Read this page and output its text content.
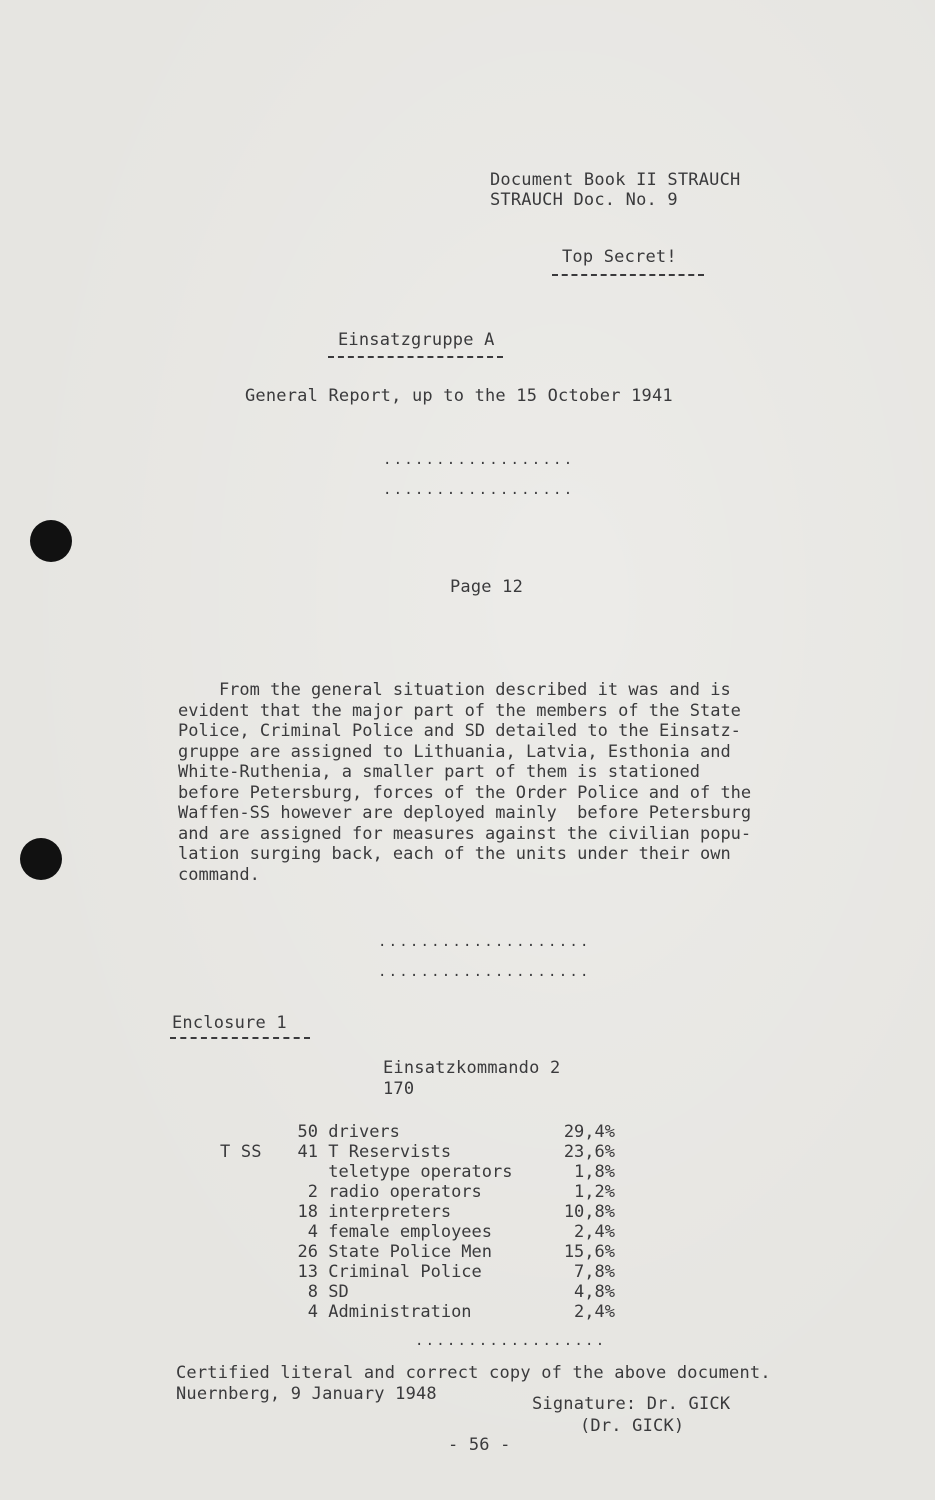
Document Book II STRAUCH
STRAUCH Doc. No. 9
Top Secret!
Einsatzgruppe A
General Report, up to the 15 October 1941
..................
..................
Page 12
From the general situation described it was and is
evident that the major part of the members of the State
Police, Criminal Police and SD detailed to the Einsatz-
gruppe are assigned to Lithuania, Latvia, Esthonia and
White-Ruthenia, a smaller part of them is stationed
before Petersburg, forces of the Order Police and of the
Waffen-SS however are deployed mainly  before Petersburg
and are assigned for measures against the civilian popu-
lation surging back, each of the units under their own
command.
....................
....................
Enclosure 1
Einsatzkommando 2
170
T SS
50 drivers	29,4%
41 T Reservists	23,6%
teletype operators	1,8%
2 radio operators	1,2%
18 interpreters	10,8%
4 female employees	2,4%
26 State Police Men	15,6%
13 Criminal Police	7,8%
8 SD	4,8%
4 Administration	2,4%
..................
Certified literal and correct copy of the above document.
Nuernberg, 9 January 1948	Signature: Dr. GICK
(Dr. GICK)
- 56 -
